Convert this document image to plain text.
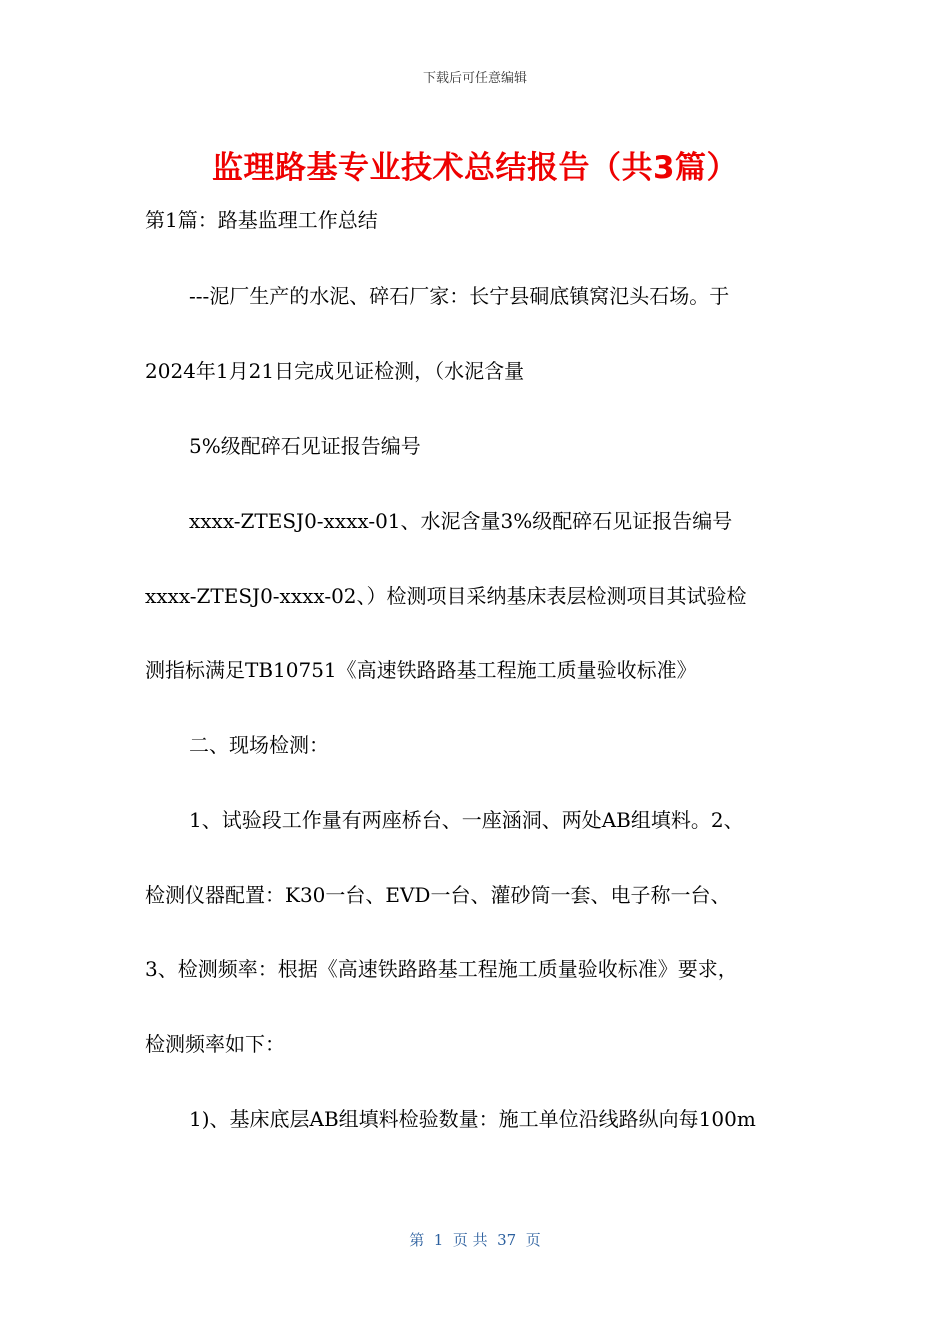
下载后可任意编辑
监理路基专业技术总结报告（共3篇）
第1篇：路基监理工作总结
---泥厂生产的水泥、碎石厂家：长宁县硐底镇窝氾头石场。于
2024年1月21日完成见证检测，（水泥含量
5%级配碎石见证报告编号
xxxx-ZTESJ0-xxxx-01、水泥含量3%级配碎石见证报告编号
xxxx-ZTESJ0-xxxx-02、）检测项目采纳基床表层检测项目其试验检
测指标满足TB10751《高速铁路路基工程施工质量验收标准》
二、现场检测：
1、试验段工作量有两座桥台、一座涵洞、两处AB组填料。2、
检测仪器配置：K30一台、EVD一台、灌砂筒一套、电子称一台、
3、检测频率：根据《高速铁路路基工程施工质量验收标准》要求，
检测频率如下：
1)、基床底层AB组填料检验数量：施工单位沿线路纵向每100m
第  1  页 共  37  页
